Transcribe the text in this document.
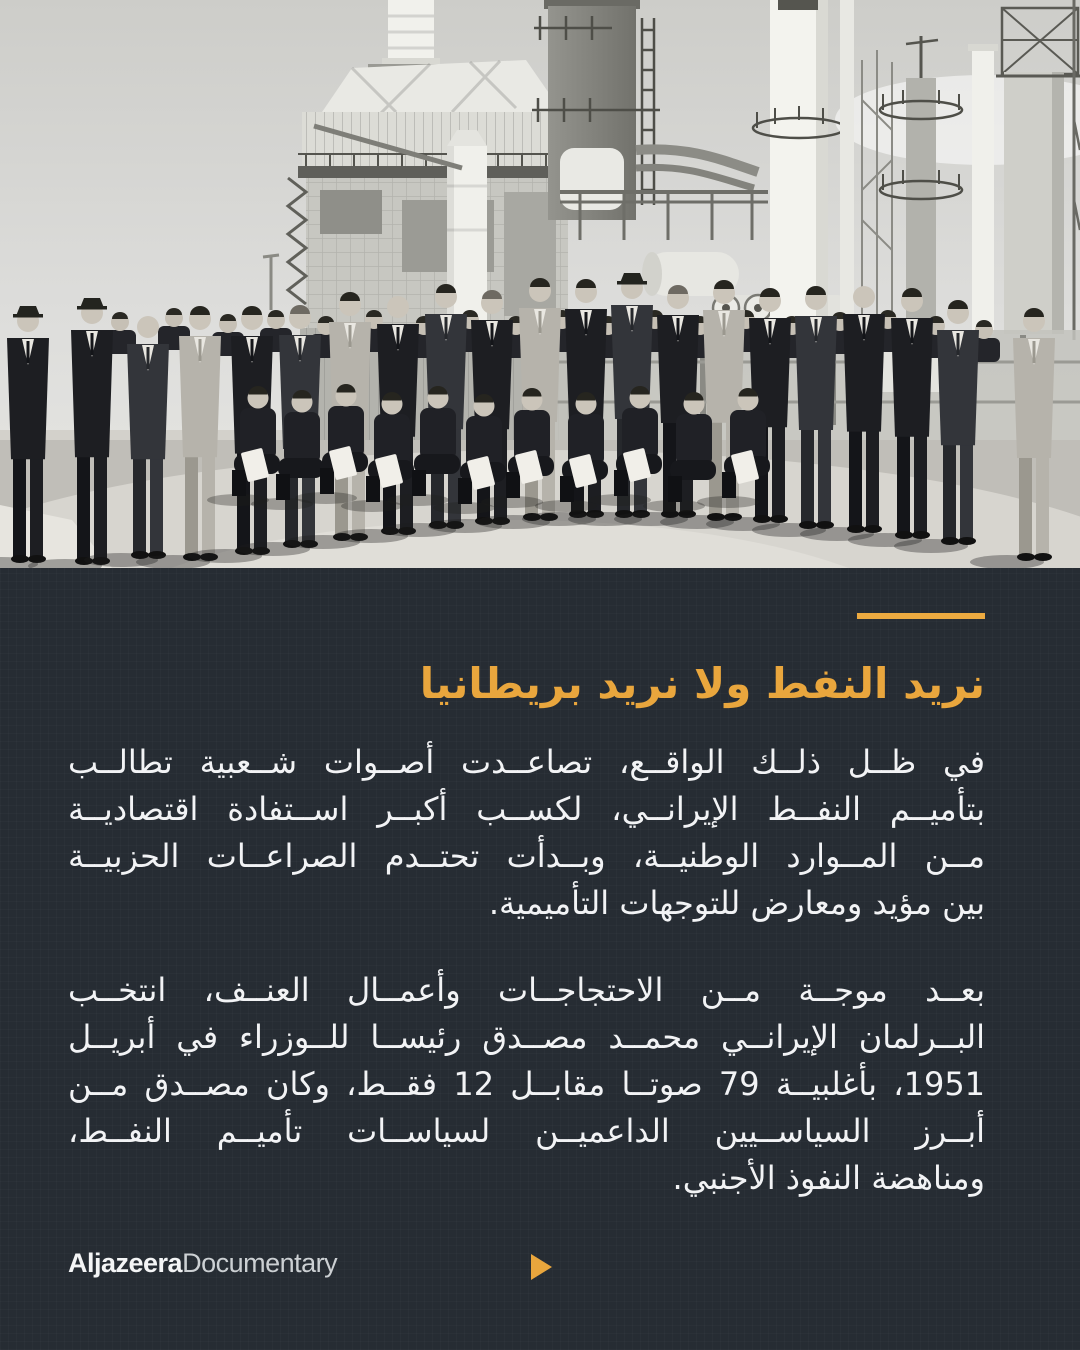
نريد النفط ولا نريد بريطانيا
في ظــل ذلــك الواقــع، تصاعــدت أصــوات شــعبية تطالــب
بتأميــم النفــط الإيرانــي، لكســب أكبــر اســتفادة اقتصاديــة
مــن المــوارد الوطنيــة، وبــدأت تحتــدم الصراعــات الحزبيــة
بين مؤيد ومعارض للتوجهات التأميمية.
بعــد موجــة مــن الاحتجاجــات وأعمــال العنــف، انتخــب
البــرلمان الإيرانــي محمــد مصــدق رئيســا للــوزراء في أبريــل
1951، بأغلبيــة 79 صوتــا مقابــل 12 فقــط، وكان مصــدق مــن
أبــرز السياســيين الداعميــن لسياســات تأميــم النفــط،
ومناهضة النفوذ الأجنبي.
AljazeeraDocumentary
